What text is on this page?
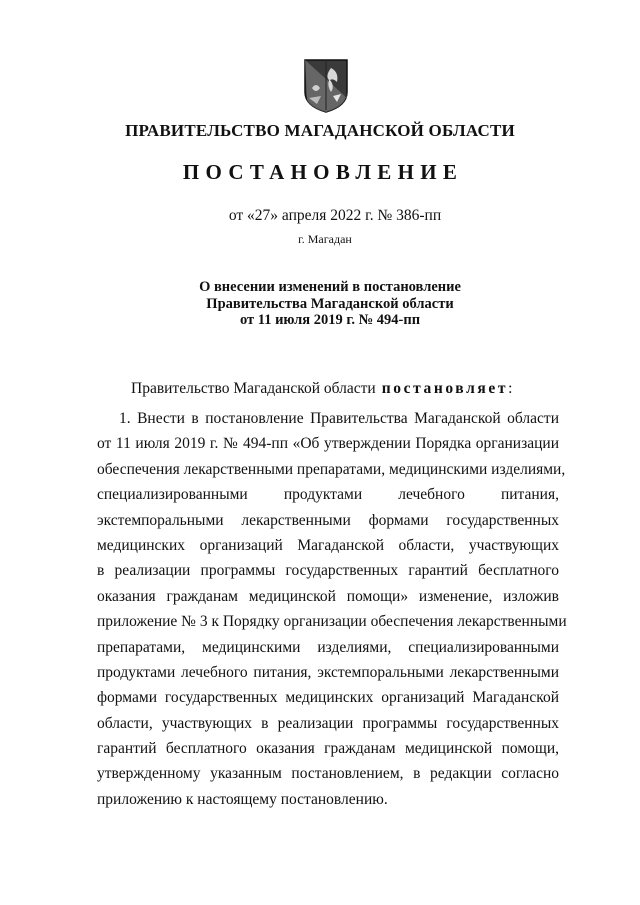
ПРАВИТЕЛЬСТВО МАГАДАНСКОЙ ОБЛАСТИ
ПОСТАНОВЛЕНИЕ
от «27» апреля 2022 г. № 386-пп
г. Магадан
О внесении изменений в постановление
Правительства Магаданской области
от 11 июля 2019 г. № 494-пп
Правительство Магаданской области постановляет:
1. Внести в постановление Правительства Магаданской области
от 11 июля 2019 г. № 494-пп «Об утверждении Порядка организации
обеспечения лекарственными препаратами, медицинскими изделиями,
специализированными продуктами лечебного питания,
экстемпоральными лекарственными формами государственных
медицинских организаций Магаданской области, участвующих
в реализации программы государственных гарантий бесплатного
оказания гражданам медицинской помощи» изменение, изложив
приложение № 3 к Порядку организации обеспечения лекарственными
препаратами, медицинскими изделиями, специализированными
продуктами лечебного питания, экстемпоральными лекарственными
формами государственных медицинских организаций Магаданской
области, участвующих в реализации программы государственных
гарантий бесплатного оказания гражданам медицинской помощи,
утвержденному указанным постановлением, в редакции согласно
приложению к настоящему постановлению.
